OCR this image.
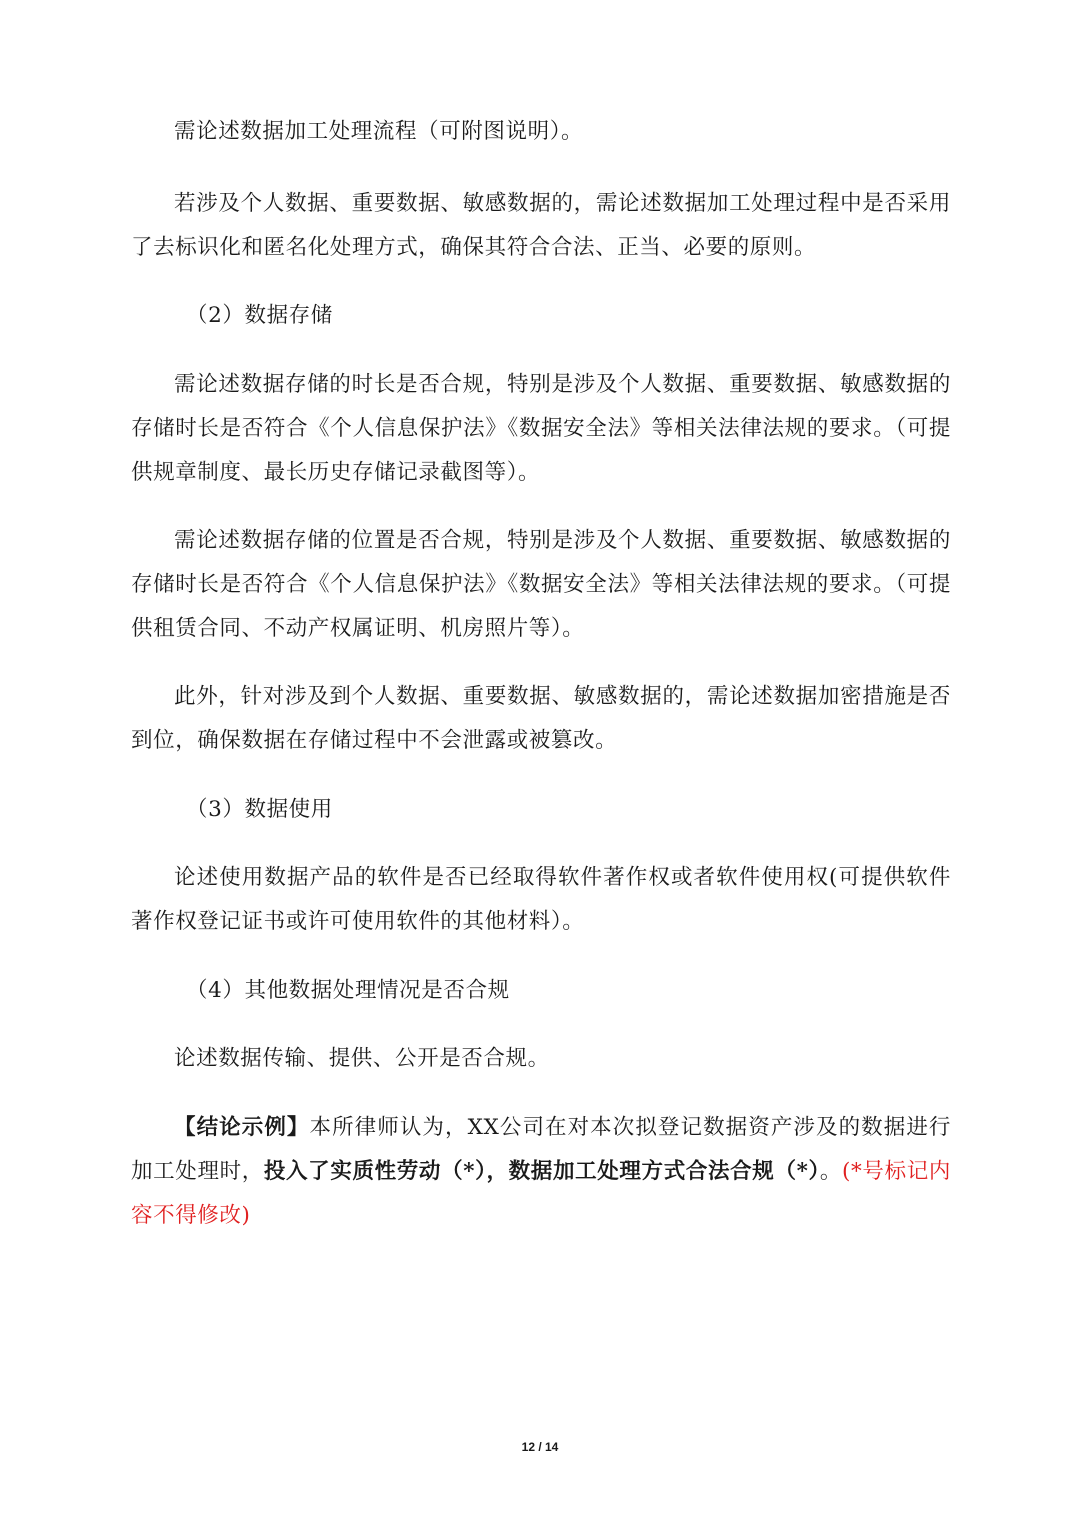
需论述数据加工处理流程（可附图说明）。

若涉及个人数据、重要数据、敏感数据的，需论述数据加工处理过程中是否采用了去标识化和匿名化处理方式，确保其符合合法、正当、必要的原则。

（2）数据存储

需论述数据存储的时长是否合规，特别是涉及个人数据、重要数据、敏感数据的存储时长是否符合《个人信息保护法》《数据安全法》等相关法律法规的要求。（可提供规章制度、最长历史存储记录截图等）。

需论述数据存储的位置是否合规，特别是涉及个人数据、重要数据、敏感数据的存储时长是否符合《个人信息保护法》《数据安全法》等相关法律法规的要求。（可提供租赁合同、不动产权属证明、机房照片等）。

此外，针对涉及到个人数据、重要数据、敏感数据的，需论述数据加密措施是否到位，确保数据在存储过程中不会泄露或被篡改。

（3）数据使用

论述使用数据产品的软件是否已经取得软件著作权或者软件使用权(可提供软件著作权登记证书或许可使用软件的其他材料）。

（4）其他数据处理情况是否合规

论述数据传输、提供、公开是否合规。

【结论示例】本所律师认为，XX公司在对本次拟登记数据资产涉及的数据进行加工处理时，投入了实质性劳动（*），数据加工处理方式合法合规（*）。(*号标记内容不得修改)

12 / 14
